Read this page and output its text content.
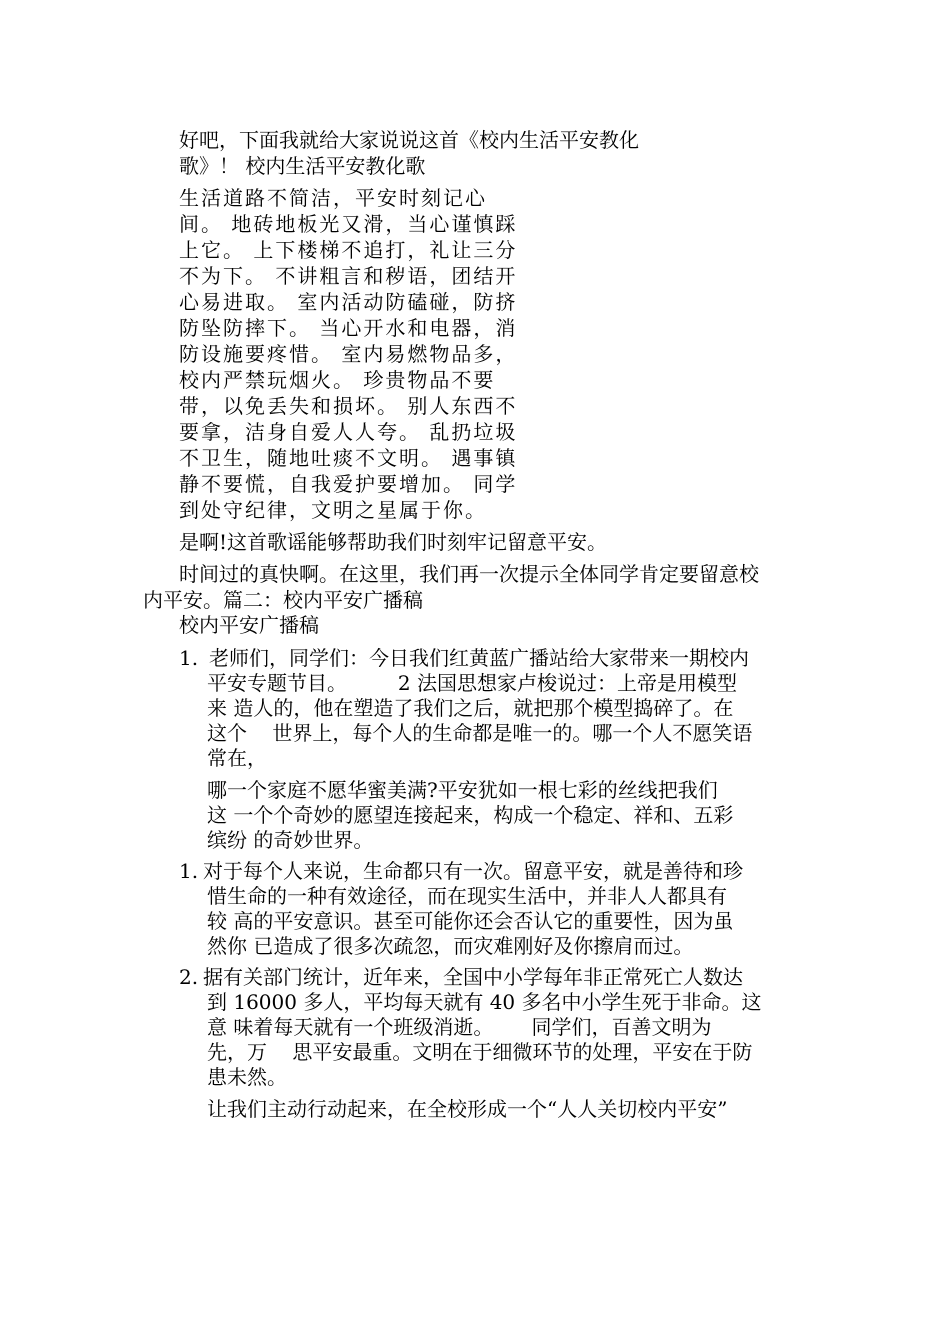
好吧，下面我就给大家说说这首《校内生活平安教化

歌》！ 校内生活平安教化歌

生活道路不简洁，平安时刻记心

间。 地砖地板光又滑，当心谨慎踩

上它。 上下楼梯不追打，礼让三分

不为下。 不讲粗言和秽语，团结开

心易进取。 室内活动防磕碰，防挤

防坠防摔下。 当心开水和电器，消

防设施要疼惜。 室内易燃物品多，

校内严禁玩烟火。 珍贵物品不要

带，以免丢失和损坏。 别人东西不

要拿，洁身自爱人人夸。 乱扔垃圾

不卫生，随地吐痰不文明。 遇事镇

静不要慌，自我爱护要增加。 同学

到处守纪律，文明之星属于你。

是啊!这首歌谣能够帮助我们时刻牢记留意平安。

时间过的真快啊。在这里，我们再一次提示全体同学肯定要留意校

内平安。篇二：校内平安广播稿

校内平安广播稿

1. 老师们，同学们：今日我们红黄蓝广播站给大家带来一期校内

平安专题节目。        2 法国思想家卢梭说过：上帝是用模型

来 造人的，他在塑造了我们之后，就把那个模型捣碎了。在

这个    世界上，每个人的生命都是唯一的。哪一个人不愿笑语

常在，

哪一个家庭不愿华蜜美满?平安犹如一根七彩的丝线把我们

这 一个个奇妙的愿望连接起来，构成一个稳定、祥和、五彩

缤纷 的奇妙世界。

1. 对于每个人来说，生命都只有一次。留意平安，就是善待和珍

惜生命的一种有效途径，而在现实生活中，并非人人都具有

较 高的平安意识。甚至可能你还会否认它的重要性，因为虽

然你 已造成了很多次疏忽，而灾难刚好及你擦肩而过。

2. 据有关部门统计，近年来，全国中小学每年非正常死亡人数达

到 16000 多人，平均每天就有 40 多名中小学生死于非命。这

意 味着每天就有一个班级消逝。      同学们，百善文明为

先，万    思平安最重。文明在于细微环节的处理，平安在于防

患未然。

让我们主动行动起来，在全校形成一个“人人关切校内平安”
